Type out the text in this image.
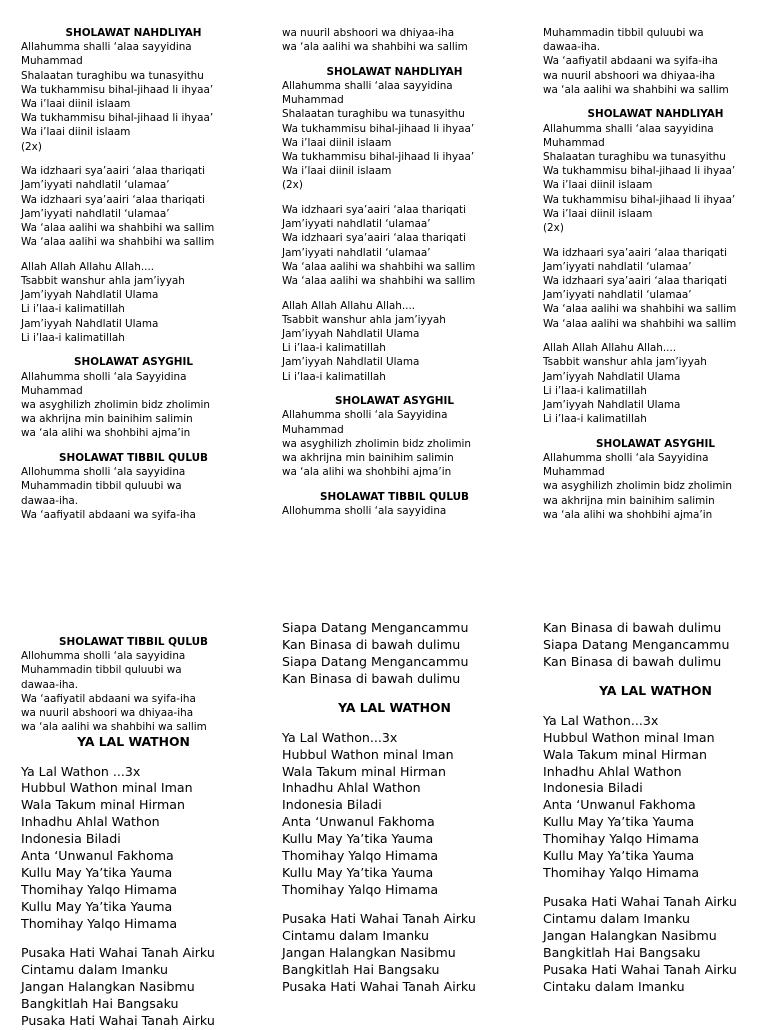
SHOLAWAT NAHDLIYAH
Allahumma shalli ‘alaa sayyidina
Muhammad
Shalaatan turaghibu wa tunasyithu
Wa tukhammisu bihal-jihaad li ihyaa’
Wa i’laai diinil islaam
Wa tukhammisu bihal-jihaad li ihyaa’
Wa i’laai diinil islaam
(2x)
Wa idzhaari sya’aairi ‘alaa thariqati
Jam’iyyati nahdlatil ‘ulamaa’
Wa idzhaari sya’aairi ‘alaa thariqati
Jam’iyyati nahdlatil ‘ulamaa’
Wa ‘alaa aalihi wa shahbihi wa sallim
Wa ‘alaa aalihi wa shahbihi wa sallim
Allah Allah Allahu Allah....
Tsabbit wanshur ahla jam’iyyah
Jam’iyyah Nahdlatil Ulama
Li i’laa-i kalimatillah
Jam’iyyah Nahdlatil Ulama
Li i’laa-i kalimatillah
SHOLAWAT ASYGHIL
Allahumma sholli ‘ala Sayyidina
Muhammad
wa asyghilizh zholimin bidz zholimin
wa akhrijna min bainihim salimin
wa ‘ala alihi wa shohbihi ajma’in
SHOLAWAT TIBBIL QULUB
Allohumma sholli ‘ala sayyidina
Muhammadin tibbil quluubi wa
dawaa-iha.
Wa ‘aafiyatil abdaani wa syifa-iha
wa nuuril abshoori wa dhiyaa-iha
wa ‘ala aalihi wa shahbihi wa sallim
SHOLAWAT NAHDLIYAH
Allahumma shalli ‘alaa sayyidina
Muhammad
Shalaatan turaghibu wa tunasyithu
Wa tukhammisu bihal-jihaad li ihyaa’
Wa i’laai diinil islaam
Wa tukhammisu bihal-jihaad li ihyaa’
Wa i’laai diinil islaam
(2x)
Wa idzhaari sya’aairi ‘alaa thariqati
Jam’iyyati nahdlatil ‘ulamaa’
Wa idzhaari sya’aairi ‘alaa thariqati
Jam’iyyati nahdlatil ‘ulamaa’
Wa ‘alaa aalihi wa shahbihi wa sallim
Wa ‘alaa aalihi wa shahbihi wa sallim
Allah Allah Allahu Allah....
Tsabbit wanshur ahla jam’iyyah
Jam’iyyah Nahdlatil Ulama
Li i’laa-i kalimatillah
Jam’iyyah Nahdlatil Ulama
Li i’laa-i kalimatillah
SHOLAWAT ASYGHIL
Allahumma sholli ‘ala Sayyidina
Muhammad
wa asyghilizh zholimin bidz zholimin
wa akhrijna min bainihim salimin
wa ‘ala alihi wa shohbihi ajma’in
SHOLAWAT TIBBIL QULUB
Allohumma sholli ‘ala sayyidina
Muhammadin tibbil quluubi wa
dawaa-iha.
Wa ‘aafiyatil abdaani wa syifa-iha
wa nuuril abshoori wa dhiyaa-iha
wa ‘ala aalihi wa shahbihi wa sallim
SHOLAWAT NAHDLIYAH
Allahumma shalli ‘alaa sayyidina
Muhammad
Shalaatan turaghibu wa tunasyithu
Wa tukhammisu bihal-jihaad li ihyaa’
Wa i’laai diinil islaam
Wa tukhammisu bihal-jihaad li ihyaa’
Wa i’laai diinil islaam
(2x)
Wa idzhaari sya’aairi ‘alaa thariqati
Jam’iyyati nahdlatil ‘ulamaa’
Wa idzhaari sya’aairi ‘alaa thariqati
Jam’iyyati nahdlatil ‘ulamaa’
Wa ‘alaa aalihi wa shahbihi wa sallim
Wa ‘alaa aalihi wa shahbihi wa sallim
Allah Allah Allahu Allah....
Tsabbit wanshur ahla jam’iyyah
Jam’iyyah Nahdlatil Ulama
Li i’laa-i kalimatillah
Jam’iyyah Nahdlatil Ulama
Li i’laa-i kalimatillah
SHOLAWAT ASYGHIL
Allahumma sholli ‘ala Sayyidina
Muhammad
wa asyghilizh zholimin bidz zholimin
wa akhrijna min bainihim salimin
wa ‘ala alihi wa shohbihi ajma’in
SHOLAWAT TIBBIL QULUB
Allohumma sholli ‘ala sayyidina
Muhammadin tibbil quluubi wa
dawaa-iha.
Wa ‘aafiyatil abdaani wa syifa-iha
wa nuuril abshoori wa dhiyaa-iha
wa ‘ala aalihi wa shahbihi wa sallim
YA LAL WATHON
Ya Lal Wathon ...3x
Hubbul Wathon minal Iman
Wala Takum minal Hirman
Inhadhu Ahlal Wathon
Indonesia Biladi
Anta ‘Unwanul Fakhoma
Kullu May Ya’tika Yauma
Thomihay Yalqo Himama
Kullu May Ya’tika Yauma
Thomihay Yalqo Himama
Pusaka Hati Wahai Tanah Airku
Cintamu dalam Imanku
Jangan Halangkan Nasibmu
Bangkitlah Hai Bangsaku
Pusaka Hati Wahai Tanah Airku
Siapa Datang Mengancammu
Kan Binasa di bawah dulimu
Siapa Datang Mengancammu
Kan Binasa di bawah dulimu
YA LAL WATHON
Ya Lal Wathon...3x
Hubbul Wathon minal Iman
Wala Takum minal Hirman
Inhadhu Ahlal Wathon
Indonesia Biladi
Anta ‘Unwanul Fakhoma
Kullu May Ya’tika Yauma
Thomihay Yalqo Himama
Kullu May Ya’tika Yauma
Thomihay Yalqo Himama
Pusaka Hati Wahai Tanah Airku
Cintamu dalam Imanku
Jangan Halangkan Nasibmu
Bangkitlah Hai Bangsaku
Pusaka Hati Wahai Tanah Airku
Kan Binasa di bawah dulimu
Siapa Datang Mengancammu
Kan Binasa di bawah dulimu
YA LAL WATHON
Ya Lal Wathon...3x
Hubbul Wathon minal Iman
Wala Takum minal Hirman
Inhadhu Ahlal Wathon
Indonesia Biladi
Anta ‘Unwanul Fakhoma
Kullu May Ya’tika Yauma
Thomihay Yalqo Himama
Kullu May Ya’tika Yauma
Thomihay Yalqo Himama
Pusaka Hati Wahai Tanah Airku
Cintamu dalam Imanku
Jangan Halangkan Nasibmu
Bangkitlah Hai Bangsaku
Pusaka Hati Wahai Tanah Airku
Cintaku dalam Imanku
